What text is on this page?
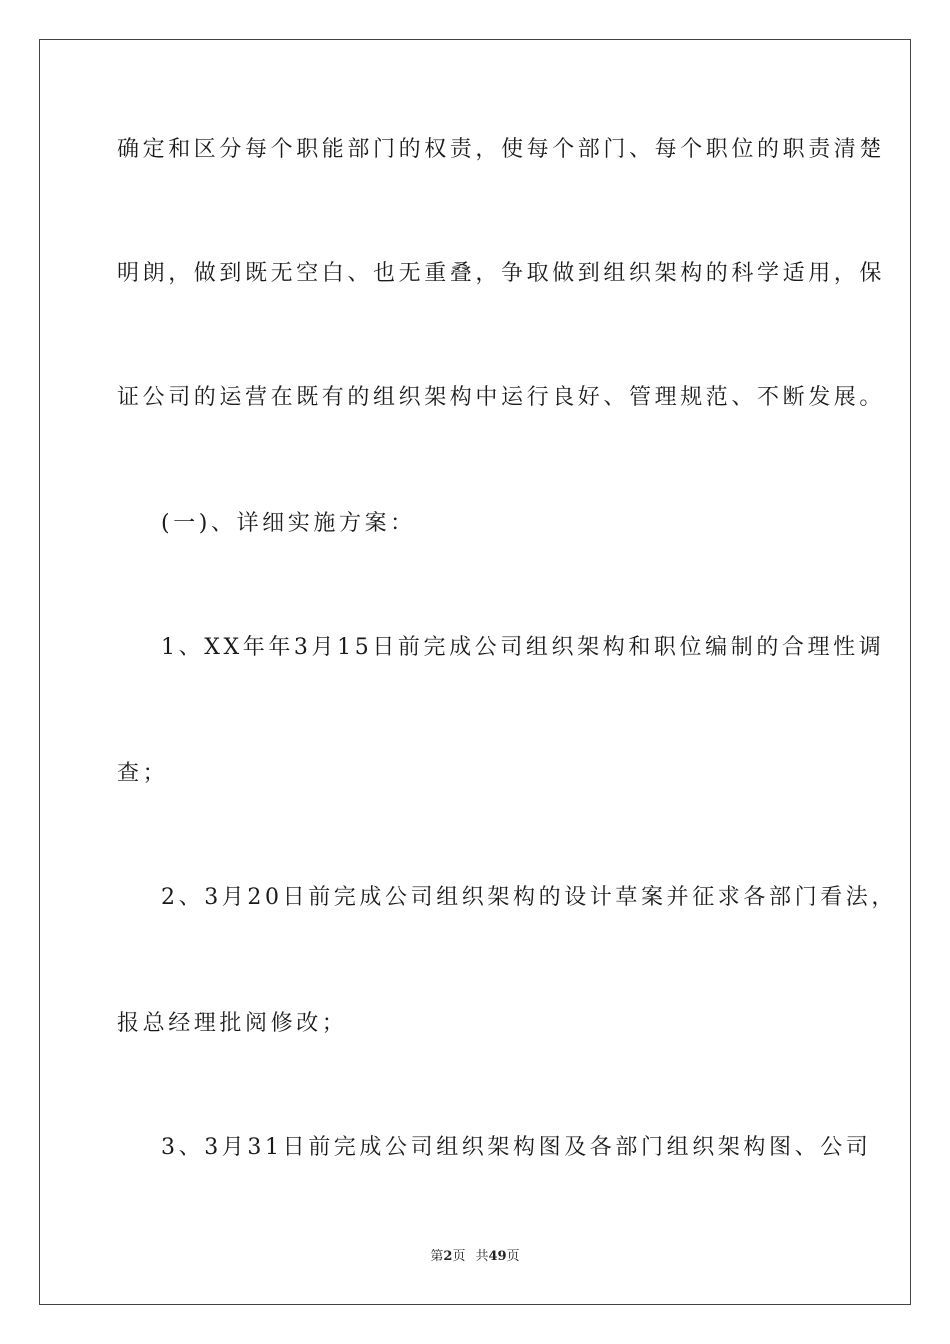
确定和区分每个职能部门的权责，使每个部门、每个职位的职责清楚
明朗，做到既无空白、也无重叠，争取做到组织架构的科学适用，保
证公司的运营在既有的组织架构中运行良好、管理规范、不断发展。
(一)、详细实施方案：
1、XX年年3月15日前完成公司组织架构和职位编制的合理性调
查；
2、3月20日前完成公司组织架构的设计草案并征求各部门看法，
报总经理批阅修改；
3、3月31日前完成公司组织架构图及各部门组织架构图、公司
第2页 共49页
